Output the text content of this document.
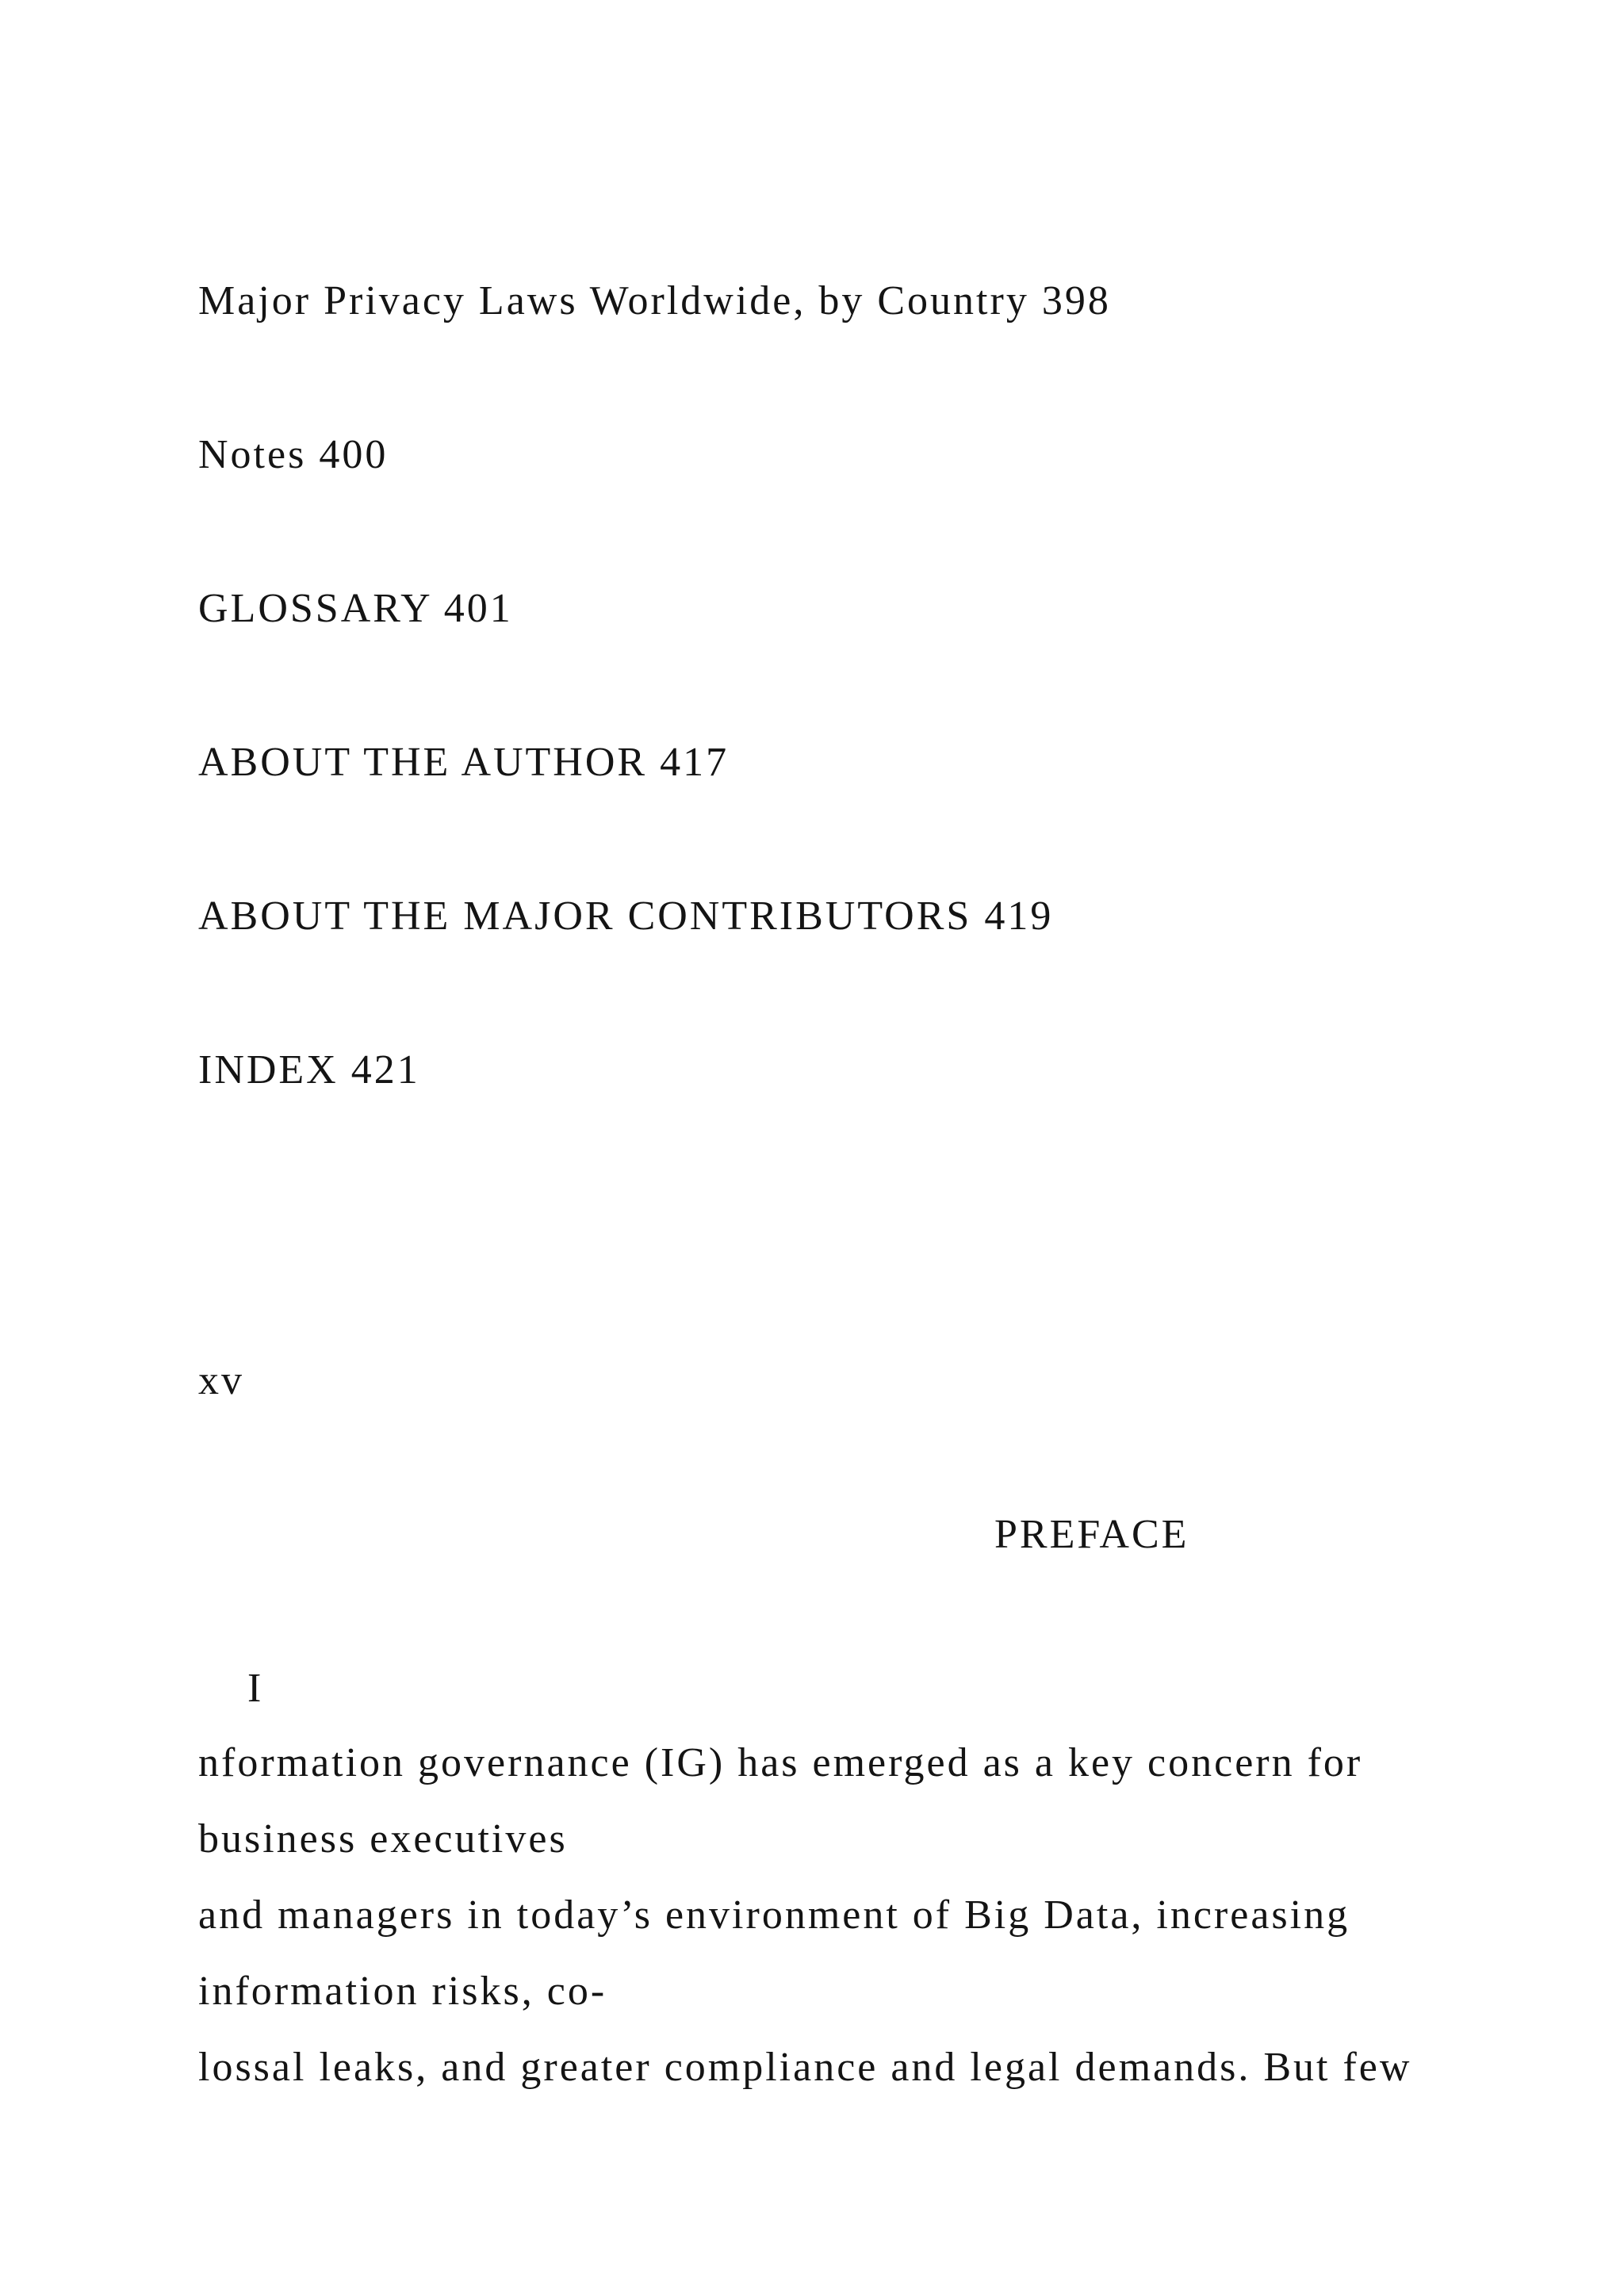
Major Privacy Laws Worldwide, by Country 398

Notes 400

GLOSSARY 401

ABOUT THE AUTHOR 417

ABOUT THE MAJOR CONTRIBUTORS 419

INDEX 421

xv

PREFACE

I

nformation governance (IG) has emerged as a key concern for

business executives

and managers in today’s environment of Big Data, increasing

information risks, co-

lossal leaks, and greater compliance and legal demands. But few
